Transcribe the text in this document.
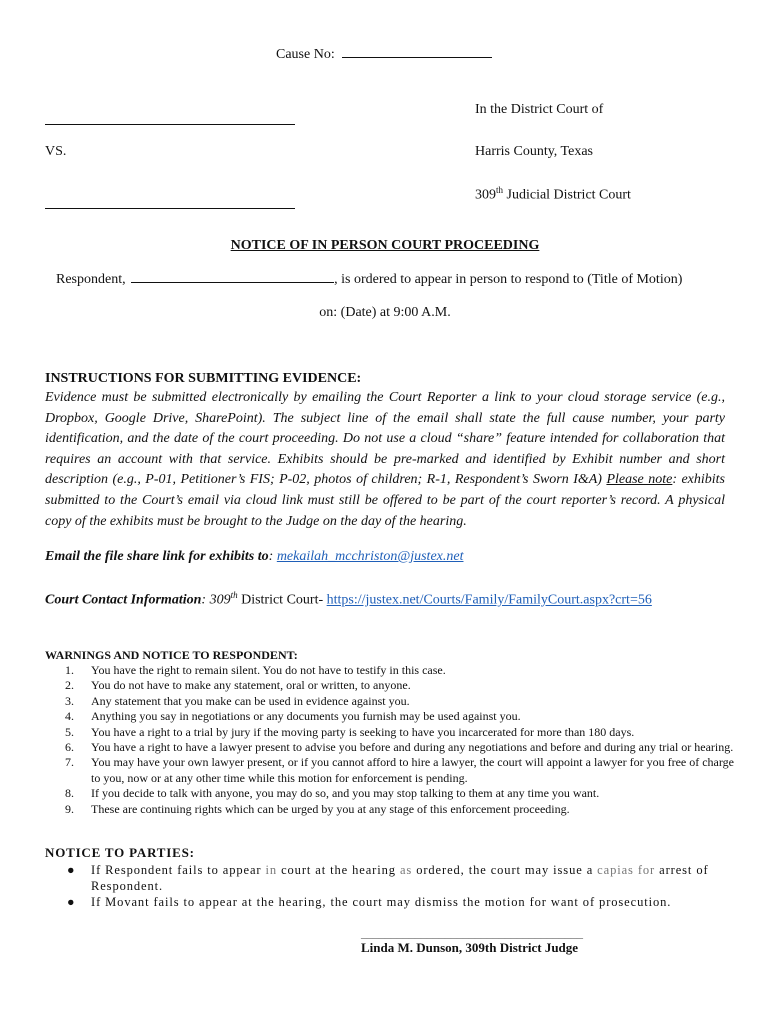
Cause No:
In the District Court of
VS.	Harris County, Texas
309th Judicial District Court
NOTICE OF IN PERSON COURT PROCEEDING
Respondent,	, is ordered to appear in person to respond to (Title of Motion)
on: (Date) at 9:00 A.M.
INSTRUCTIONS FOR SUBMITTING EVIDENCE:
Evidence must be submitted electronically by emailing the Court Reporter a link to your cloud storage service (e.g., Dropbox, Google Drive, SharePoint). The subject line of the email shall state the full cause number, your party identification, and the date of the court proceeding. Do not use a cloud “share” feature intended for collaboration that requires an account with that service. Exhibits should be pre-marked and identified by Exhibit number and short description (e.g., P-01, Petitioner’s FIS; P-02, photos of children; R-1, Respondent’s Sworn I&A) Please note: exhibits submitted to the Court’s email via cloud link must still be offered to be part of the court reporter’s record. A physical copy of the exhibits must be brought to the Judge on the day of the hearing.
Email the file share link for exhibits to: mekailah_mcchriston@justex.net
Court Contact Information: 309th District Court- https://justex.net/Courts/Family/FamilyCourt.aspx?crt=56
WARNINGS AND NOTICE TO RESPONDENT:
1. You have the right to remain silent. You do not have to testify in this case.
2. You do not have to make any statement, oral or written, to anyone.
3. Any statement that you make can be used in evidence against you.
4. Anything you say in negotiations or any documents you furnish may be used against you.
5. You have a right to a trial by jury if the moving party is seeking to have you incarcerated for more than 180 days.
6. You have a right to have a lawyer present to advise you before and during any negotiations and before and during any trial or hearing.
7. You may have your own lawyer present, or if you cannot afford to hire a lawyer, the court will appoint a lawyer for you free of charge to you, now or at any other time while this motion for enforcement is pending.
8. If you decide to talk with anyone, you may do so, and you may stop talking to them at any time you want.
9. These are continuing rights which can be urged by you at any stage of this enforcement proceeding.
NOTICE TO PARTIES:
● If Respondent fails to appear in court at the hearing as ordered, the court may issue a capias for arrest of Respondent.
● If Movant fails to appear at the hearing, the court may dismiss the motion for want of prosecution.
_____________________________________
Linda M. Dunson, 309th District Judge
